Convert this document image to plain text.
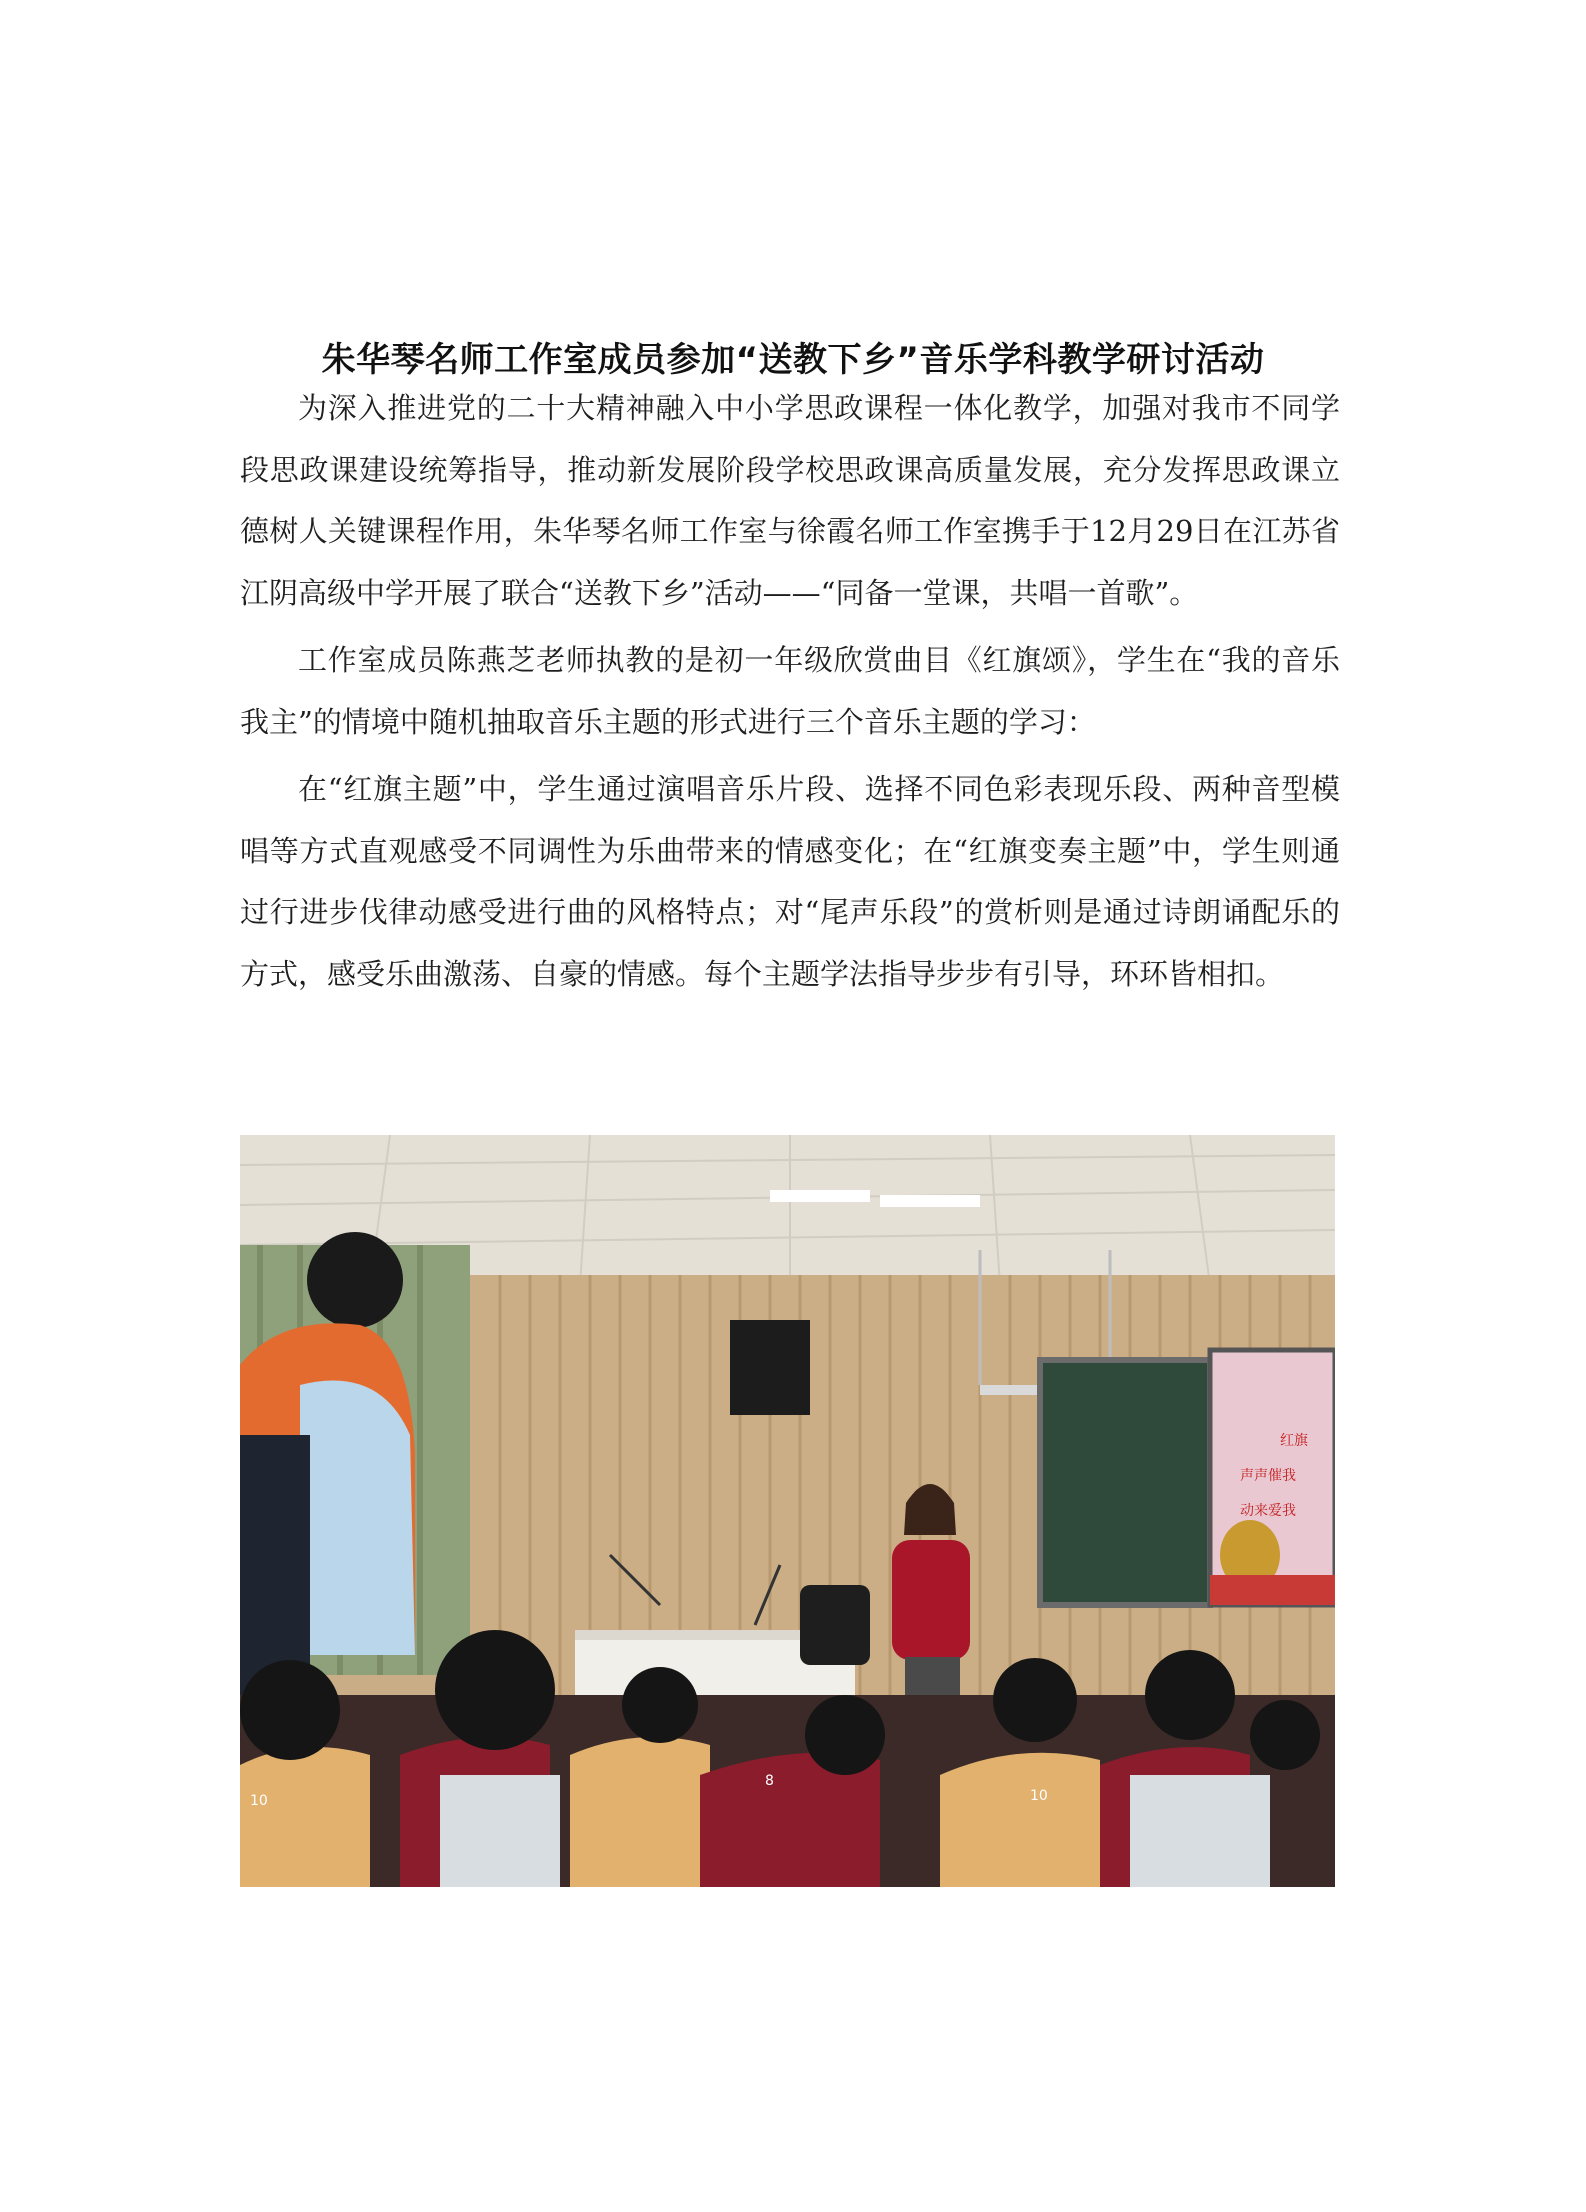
朱华琴名师工作室成员参加“送教下乡”音乐学科教学研讨活动

为深入推进党的二十大精神融入中小学思政课程一体化教学，加强对我市不同学段思政课建设统筹指导，推动新发展阶段学校思政课高质量发展，充分发挥思政课立德树人关键课程作用，朱华琴名师工作室与徐霞名师工作室携手于12月29日在江苏省江阴高级中学开展了联合“送教下乡”活动——“同备一堂课，共唱一首歌”。

工作室成员陈燕芝老师执教的是初一年级欣赏曲目《红旗颂》，学生在“我的音乐我主”的情境中随机抽取音乐主题的形式进行三个音乐主题的学习：

在“红旗主题”中，学生通过演唱音乐片段、选择不同色彩表现乐段、两种音型模唱等方式直观感受不同调性为乐曲带来的情感变化；在“红旗变奏主题”中，学生则通过行进步伐律动感受进行曲的风格特点；对“尾声乐段”的赏析则是通过诗朗诵配乐的方式，感受乐曲激荡、自豪的情感。每个主题学法指导步步有引导，环环皆相扣。

红旗
声声催我
动来爱我
10
8
10
